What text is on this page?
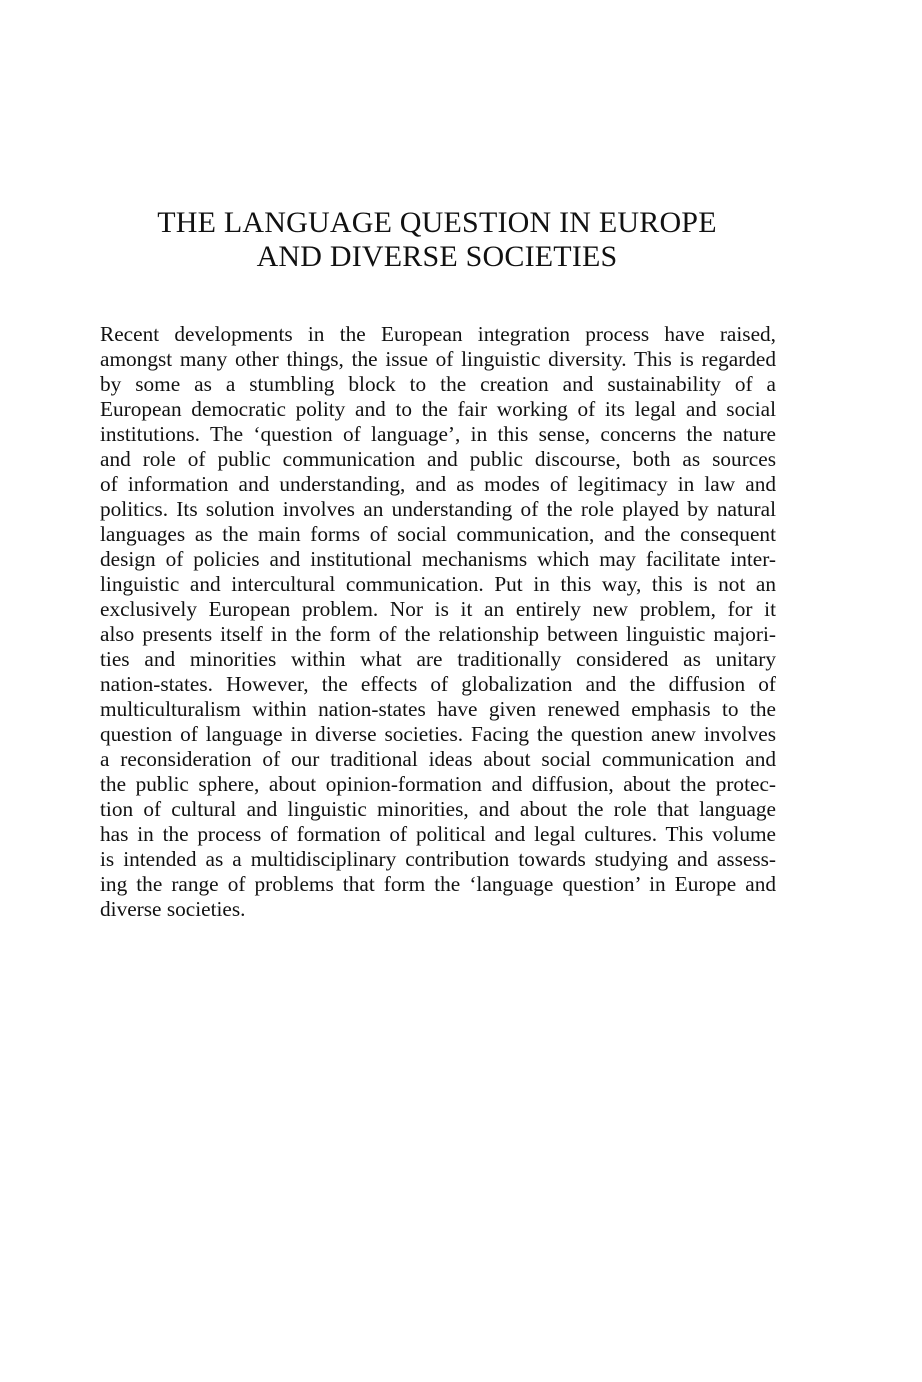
THE LANGUAGE QUESTION IN EUROPE
AND DIVERSE SOCIETIES
Recent developments in the European integration process have raised,
amongst many other things, the issue of linguistic diversity. This is regarded
by some as a stumbling block to the creation and sustainability of a
European democratic polity and to the fair working of its legal and social
institutions. The ‘question of language’, in this sense, concerns the nature
and role of public communication and public discourse, both as sources
of information and understanding, and as modes of legitimacy in law and
politics. Its solution involves an understanding of the role played by natural
languages as the main forms of social communication, and the consequent
design of policies and institutional mechanisms which may facilitate inter-
linguistic and intercultural communication. Put in this way, this is not an
exclusively European problem. Nor is it an entirely new problem, for it
also presents itself in the form of the relationship between linguistic majori-
ties and minorities within what are traditionally considered as unitary
nation-states. However, the effects of globalization and the diffusion of
multiculturalism within nation-states have given renewed emphasis to the
question of language in diverse societies. Facing the question anew involves
a reconsideration of our traditional ideas about social communication and
the public sphere, about opinion-formation and diffusion, about the protec-
tion of cultural and linguistic minorities, and about the role that language
has in the process of formation of political and legal cultures. This volume
is intended as a multidisciplinary contribution towards studying and assess-
ing the range of problems that form the ‘language question’ in Europe and
diverse societies.
